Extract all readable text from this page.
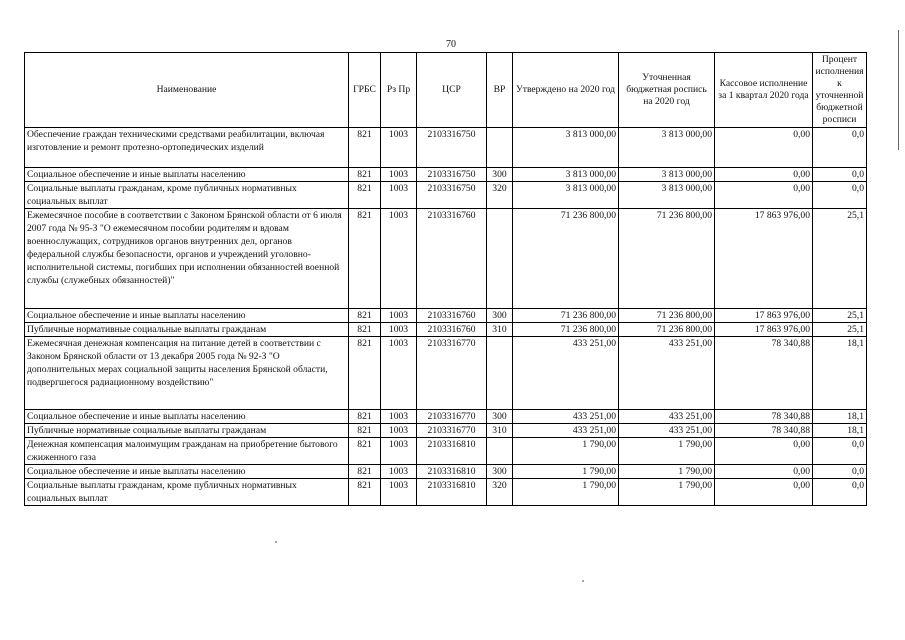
70
Наименование	ГРБС	Рз Пр	ЦСР	ВР	Утверждено на 2020 год	Уточненная бюджетная роспись на 2020 год	Кассовое исполнение за 1 квартал 2020 года	Процент исполнения к уточненной бюджетной росписи
Обеспечение граждан техническими средствами реабилитации, включая изготовление и ремонт протезно-ортопедических изделий	821	1003	2103316750		3 813 000,00	3 813 000,00	0,00	0,0
Социальное обеспечение и иные выплаты населению	821	1003	2103316750	300	3 813 000,00	3 813 000,00	0,00	0,0
Социальные выплаты гражданам, кроме публичных нормативных социальных выплат	821	1003	2103316750	320	3 813 000,00	3 813 000,00	0,00	0,0
Ежемесячное пособие в соответствии с Законом Брянской области от 6 июля 2007 года № 95-З "О ежемесячном пособии родителям и вдовам военнослужащих, сотрудников органов внутренних дел, органов федеральной службы безопасности, органов и учреждений уголовно-исполнительной системы, погибших при исполнении обязанностей военной службы (служебных обязанностей)"	821	1003	2103316760		71 236 800,00	71 236 800,00	17 863 976,00	25,1
Социальное обеспечение и иные выплаты населению	821	1003	2103316760	300	71 236 800,00	71 236 800,00	17 863 976,00	25,1
Публичные нормативные социальные выплаты гражданам	821	1003	2103316760	310	71 236 800,00	71 236 800,00	17 863 976,00	25,1
Ежемесячная денежная компенсация на питание детей в соответствии с Законом Брянской области от 13 декабря 2005 года № 92-З "О дополнительных мерах социальной защиты населения Брянской области, подвергшегося радиационному воздействию"	821	1003	2103316770		433 251,00	433 251,00	78 340,88	18,1
Социальное обеспечение и иные выплаты населению	821	1003	2103316770	300	433 251,00	433 251,00	78 340,88	18,1
Публичные нормативные социальные выплаты гражданам	821	1003	2103316770	310	433 251,00	433 251,00	78 340,88	18,1
Денежная компенсация малоимущим гражданам на приобретение бытового сжиженного газа	821	1003	2103316810		1 790,00	1 790,00	0,00	0,0
Социальное обеспечение и иные выплаты населению	821	1003	2103316810	300	1 790,00	1 790,00	0,00	0,0
Социальные выплаты гражданам, кроме публичных нормативных социальных выплат	821	1003	2103316810	320	1 790,00	1 790,00	0,00	0,0
